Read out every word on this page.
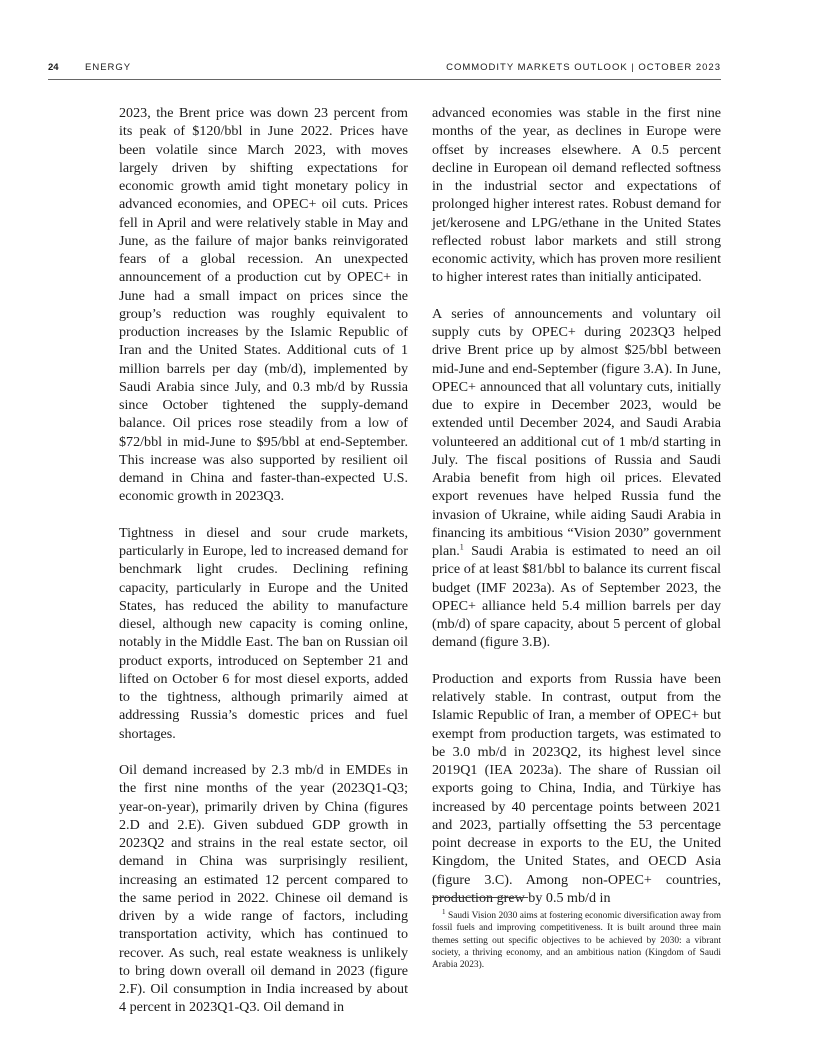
24	ENERGY	COMMODITY MARKETS OUTLOOK | OCTOBER 2023

2023, the Brent price was down 23 percent from its peak of $120/bbl in June 2022. Prices have been volatile since March 2023, with moves largely driven by shifting expectations for economic growth amid tight monetary policy in advanced economies, and OPEC+ oil cuts. Prices fell in April and were relatively stable in May and June, as the failure of major banks reinvigorated fears of a global recession. An unexpected announcement of a production cut by OPEC+ in June had a small impact on prices since the group’s reduction was roughly equivalent to production increases by the Islamic Republic of Iran and the United States. Additional cuts of 1 million barrels per day (mb/d), implemented by Saudi Arabia since July, and 0.3 mb/d by Russia since October tightened the supply-demand balance. Oil prices rose steadily from a low of $72/bbl in mid-June to $95/bbl at end-September. This increase was also supported by resilient oil demand in China and faster-than-expected U.S. economic growth in 2023Q3.

Tightness in diesel and sour crude markets, particularly in Europe, led to increased demand for benchmark light crudes. Declining refining capacity, particularly in Europe and the United States, has reduced the ability to manufacture diesel, although new capacity is coming online, notably in the Middle East. The ban on Russian oil product exports, introduced on September 21 and lifted on October 6 for most diesel exports, added to the tightness, although primarily aimed at addressing Russia’s domestic prices and fuel shortages.

Oil demand increased by 2.3 mb/d in EMDEs in the first nine months of the year (2023Q1-Q3; year-on-year), primarily driven by China (figures 2.D and 2.E). Given subdued GDP growth in 2023Q2 and strains in the real estate sector, oil demand in China was surprisingly resilient, increasing an estimated 12 percent compared to the same period in 2022. Chinese oil demand is driven by a wide range of factors, including transportation activity, which has continued to recover. As such, real estate weakness is unlikely to bring down overall oil demand in 2023 (figure 2.F). Oil consumption in India increased by about 4 percent in 2023Q1-Q3. Oil demand in

advanced economies was stable in the first nine months of the year, as declines in Europe were offset by increases elsewhere. A 0.5 percent decline in European oil demand reflected softness in the industrial sector and expectations of prolonged higher interest rates. Robust demand for jet/kerosene and LPG/ethane in the United States reflected robust labor markets and still strong economic activity, which has proven more resilient to higher interest rates than initially anticipated.

A series of announcements and voluntary oil supply cuts by OPEC+ during 2023Q3 helped drive Brent price up by almost $25/bbl between mid-June and end-September (figure 3.A). In June, OPEC+ announced that all voluntary cuts, initially due to expire in December 2023, would be extended until December 2024, and Saudi Arabia volunteered an additional cut of 1 mb/d starting in July. The fiscal positions of Russia and Saudi Arabia benefit from high oil prices. Elevated export revenues have helped Russia fund the invasion of Ukraine, while aiding Saudi Arabia in financing its ambitious “Vision 2030” government plan.$^1$ Saudi Arabia is estimated to need an oil price of at least $81/bbl to balance its current fiscal budget (IMF 2023a). As of September 2023, the OPEC+ alliance held 5.4 million barrels per day (mb/d) of spare capacity, about 5 percent of global demand (figure 3.B).

Production and exports from Russia have been relatively stable. In contrast, output from the Islamic Republic of Iran, a member of OPEC+ but exempt from production targets, was estimated to be 3.0 mb/d in 2023Q2, its highest level since 2019Q1 (IEA 2023a). The share of Russian oil exports going to China, India, and Türkiye has increased by 40 percentage points between 2021 and 2023, partially offsetting the 53 percentage point decrease in exports to the EU, the United Kingdom, the United States, and OECD Asia (figure 3.C). Among non-OPEC+ countries, production grew by 0.5 mb/d in

1 Saudi Vision 2030 aims at fostering economic diversification away from fossil fuels and improving competitiveness. It is built around three main themes setting out specific objectives to be achieved by 2030: a vibrant society, a thriving economy, and an ambitious nation (Kingdom of Saudi Arabia 2023).
